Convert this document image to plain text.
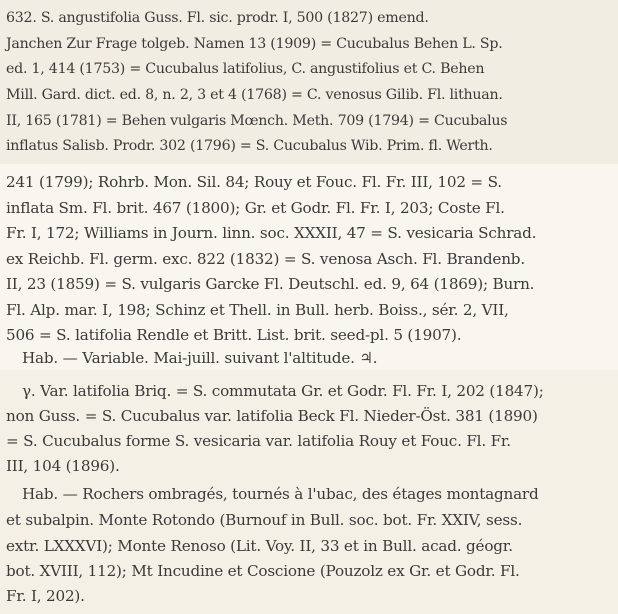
632. S. angustifolia Guss. Fl. sic. prodr. I, 500 (1827) emend.
Janchen Zur Frage tolgeb. Namen 13 (1909) = Cucubalus Behen L. Sp.
ed. 1, 414 (1753) = Cucubalus latifolius, C. angustifolius et C. Behen
Mill. Gard. dict. ed. 8, n. 2, 3 et 4 (1768) = C. venosus Gilib. Fl. lithuan.
II, 165 (1781) = Behen vulgaris Mœnch. Meth. 709 (1794) = Cucubalus
inflatus Salisb. Prodr. 302 (1796) = S. Cucubalus Wib. Prim. fl. Werth.
241 (1799); Rohrb. Mon. Sil. 84; Rouy et Fouc. Fl. Fr. III, 102 = S.
inflata Sm. Fl. brit. 467 (1800); Gr. et Godr. Fl. Fr. I, 203; Coste Fl.
Fr. I, 172; Williams in Journ. linn. soc. XXXII, 47 = S. vesicaria Schrad.
ex Reichb. Fl. germ. exc. 822 (1832) = S. venosa Asch. Fl. Brandenb.
II, 23 (1859) = S. vulgaris Garcke Fl. Deutschl. ed. 9, 64 (1869); Burn.
Fl. Alp. mar. I, 198; Schinz et Thell. in Bull. herb. Boiss., sér. 2, VII,
506 = S. latifolia Rendle et Britt. List. brit. seed-pl. 5 (1907).
Hab. — Variable. Mai-juill. suivant l'altitude. ♃.
γ. Var. latifolia Briq. = S. commutata Gr. et Godr. Fl. Fr. I, 202 (1847);
non Guss. = S. Cucubalus var. latifolia Beck Fl. Nieder-Öst. 381 (1890)
= S. Cucubalus forme S. vesicaria var. latifolia Rouy et Fouc. Fl. Fr.
III, 104 (1896).
Hab. — Rochers ombragés, tournés à l'ubac, des étages montagnard
et subalpin. Monte Rotondo (Burnouf in Bull. soc. bot. Fr. XXIV, sess.
extr. LXXXVI); Monte Renoso (Lit. Voy. II, 33 et in Bull. acad. géogr.
bot. XVIII, 112); Mt Incudine et Coscione (Pouzolz ex Gr. et Godr. Fl.
Fr. I, 202).
